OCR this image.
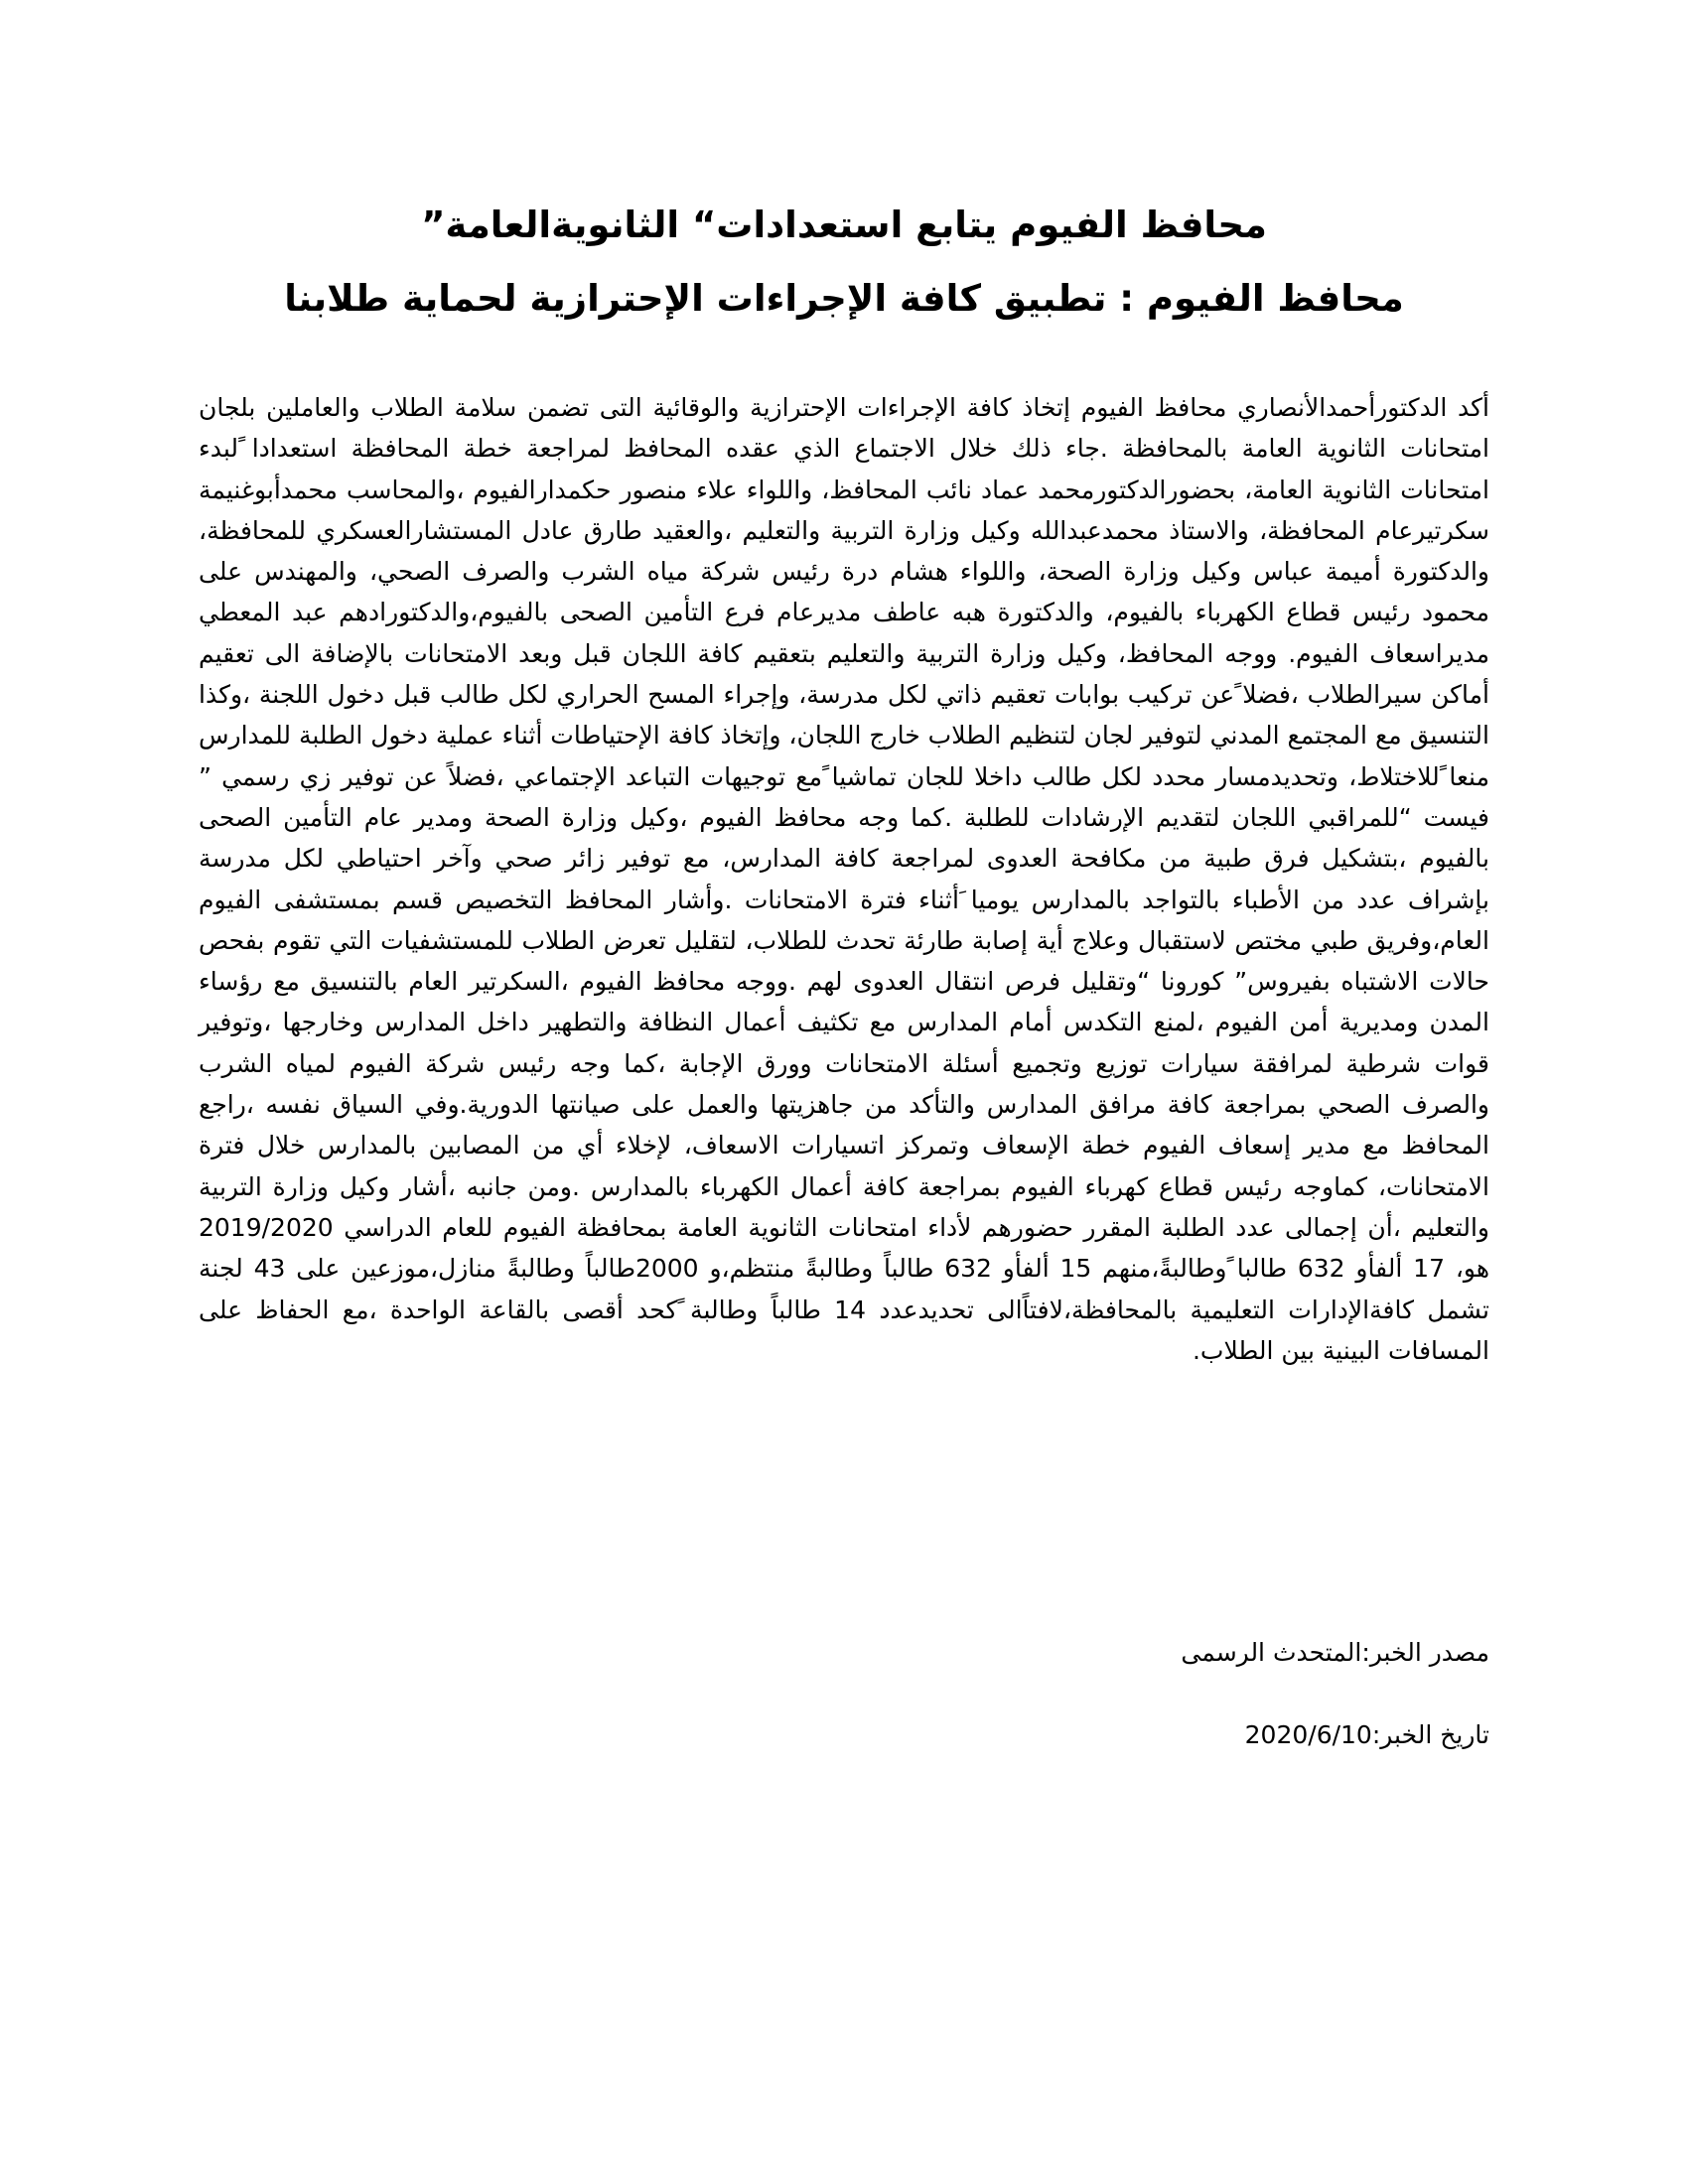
محافظ الفيوم يتابع استعدادات“ الثانويةالعامة”
محافظ الفيوم : تطبيق كافة الإجراءات الإحترازية لحماية طلابنا

أكد الدكتورأحمدالأنصاري محافظ الفيوم إتخاذ كافة الإجراءات الإحترازية والوقائية التى تضمن سلامة الطلاب والعاملين بلجان امتحانات الثانوية العامة بالمحافظة .جاء ذلك خلال الاجتماع الذي عقده المحافظ لمراجعة خطة المحافظة استعدادا ًلبدء امتحانات الثانوية العامة، بحضورالدكتورمحمد عماد نائب المحافظ، واللواء علاء منصور حكمدارالفيوم ،والمحاسب محمدأبوغنيمة سكرتيرعام المحافظة، والاستاذ محمدعبدالله وكيل وزارة التربية والتعليم ،والعقيد طارق عادل المستشارالعسكري للمحافظة، والدكتورة أميمة عباس وكيل وزارة الصحة، واللواء هشام درة رئيس شركة مياه الشرب والصرف الصحي، والمهندس على محمود رئيس قطاع الكهرباء بالفيوم، والدكتورة هبه عاطف مديرعام فرع التأمين الصحى بالفيوم،والدكتورادهم عبد المعطي مديراسعاف الفيوم. ووجه المحافظ، وكيل وزارة التربية والتعليم بتعقيم كافة اللجان قبل وبعد الامتحانات بالإضافة الى تعقيم أماكن سيرالطلاب ،فضلا ًعن تركيب بوابات تعقيم ذاتي لكل مدرسة، وإجراء المسح الحراري لكل طالب قبل دخول اللجنة ،وكذا التنسيق مع المجتمع المدني لتوفير لجان لتنظيم الطلاب خارج اللجان، وإتخاذ كافة الإحتياطات أثناء عملية دخول الطلبة للمدارس منعا ًللاختلاط، وتحديدمسار محدد لكل طالب داخلا للجان تماشيا ًمع توجيهات التباعد الإجتماعي ،فضلاً عن توفير زي رسمي ” فيست “للمراقبي اللجان لتقديم الإرشادات للطلبة .كما وجه محافظ الفيوم ،وكيل وزارة الصحة ومدير عام التأمين الصحى بالفيوم ،بتشكيل فرق طبية من مكافحة العدوى لمراجعة كافة المدارس، مع توفير زائر صحي وآخر احتياطي لكل مدرسة بإشراف عدد من الأطباء بالتواجد بالمدارس يوميا َأثناء فترة الامتحانات .وأشار المحافظ التخصيص قسم بمستشفى الفيوم العام،وفريق طبي مختص لاستقبال وعلاج أية إصابة طارئة تحدث للطلاب، لتقليل تعرض الطلاب للمستشفيات التي تقوم بفحص حالات الاشتباه بفيروس” كورونا “وتقليل فرص انتقال العدوى لهم .ووجه محافظ الفيوم ،السكرتير العام بالتنسيق مع رؤساء المدن ومديرية أمن الفيوم ،لمنع التكدس أمام المدارس مع تكثيف أعمال النظافة والتطهير داخل المدارس وخارجها ،وتوفير قوات شرطية لمرافقة سيارات توزيع وتجميع أسئلة الامتحانات وورق الإجابة ،كما وجه رئيس شركة الفيوم لمياه الشرب والصرف الصحي بمراجعة كافة مرافق المدارس والتأكد من جاهزيتها والعمل على صيانتها الدورية.وفي السياق نفسه ،راجع المحافظ مع مدير إسعاف الفيوم خطة الإسعاف وتمركز اتسيارات الاسعاف، لإخلاء أي من المصابين بالمدارس خلال فترة الامتحانات، كماوجه رئيس قطاع كهرباء الفيوم بمراجعة كافة أعمال الكهرباء بالمدارس .ومن جانبه ،أشار وكيل وزارة التربية والتعليم ،أن إجمالى عدد الطلبة المقرر حضورهم لأداء امتحانات الثانوية العامة بمحافظة الفيوم للعام الدراسي 2019/2020 هو، 17 ألفأو 632 طالبا ًوطالبةً،منهم 15 ألفأو 632 طالباً وطالبةً منتظم،و 2000طالباً وطالبةً منازل،موزعين على 43 لجنة تشمل كافةالإدارات التعليمية بالمحافظة،لافتاًالى تحديدعدد 14 طالباً وطالبة ًكحد أقصى بالقاعة الواحدة ،مع الحفاظ على المسافات البينية بين الطلاب.

مصدر الخبر:المتحدث الرسمى

تاريخ الخبر:2020/6/10
